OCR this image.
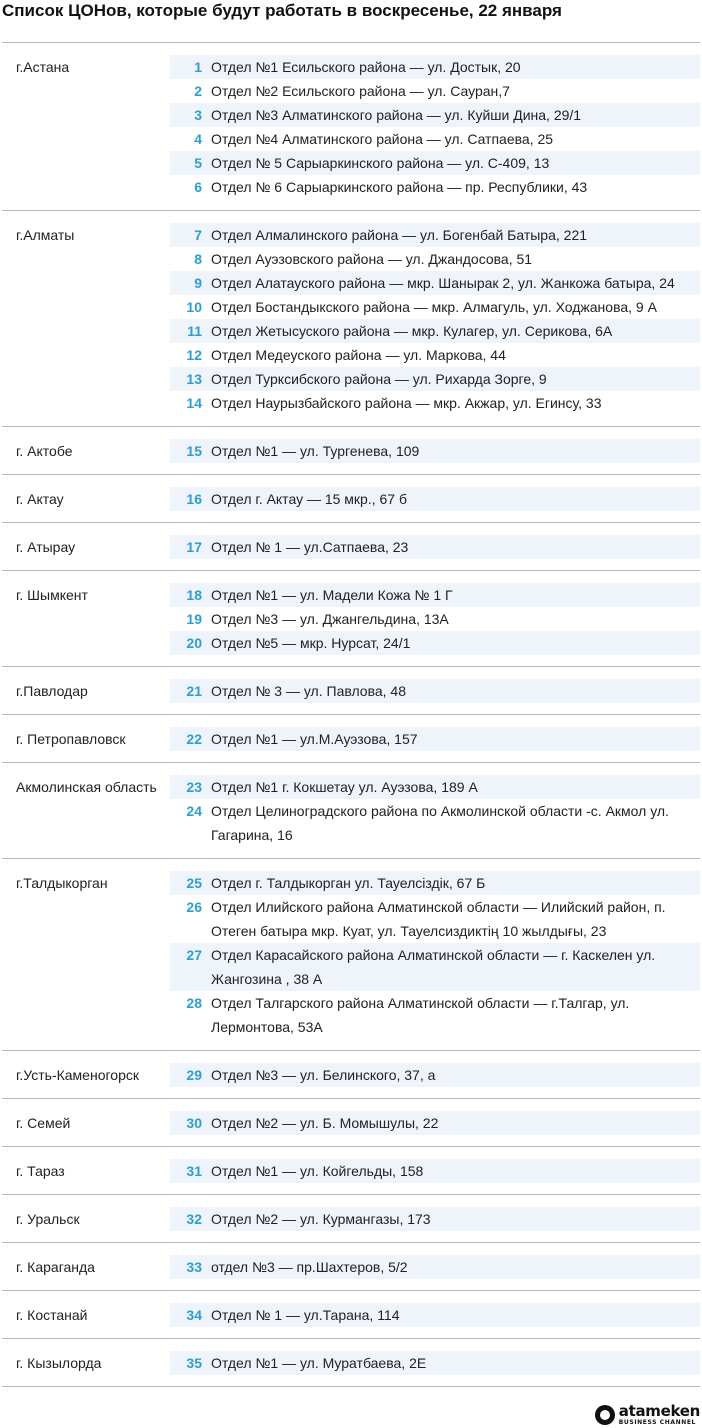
Список ЦОНов, которые будут работать в воскресенье, 22 января
г.Астана	1 Отдел №1 Есильского района — ул. Достык, 20
2 Отдел №2 Есильского района — ул. Сауран,7
3 Отдел №3 Алматинского района — ул. Куйши Дина, 29/1
4 Отдел №4 Алматинского района — ул. Сатпаева, 25
5 Отдел № 5 Сарыаркинского района — ул. С-409, 13
6 Отдел № 6 Сарыаркинского района — пр. Республики, 43
г.Алматы	7 Отдел Алмалинского района — ул. Богенбай Батыра, 221
8 Отдел Ауэзовского района — ул. Джандосова, 51
9 Отдел Алатауского района — мкр. Шанырак 2, ул. Жанкожа батыра, 24
10 Отдел Бостандыкского района — мкр. Алмагуль, ул. Ходжанова, 9 А
11 Отдел Жетысуского района — мкр. Кулагер, ул. Серикова, 6А
12 Отдел Медеуского района — ул. Маркова, 44
13 Отдел Турксибского района — ул. Рихарда Зорге, 9
14 Отдел Наурызбайского района — мкр. Акжар, ул. Егинсу, 33
г. Актобе	15 Отдел №1 — ул. Тургенева, 109
г. Актау	16 Отдел г. Актау — 15 мкр., 67 б
г. Атырау	17 Отдел № 1 — ул.Сатпаева, 23
г. Шымкент	18 Отдел №1 — ул. Мадели Кожа № 1 Г
19 Отдел №3 — ул. Джангельдина, 13А
20 Отдел №5 — мкр. Нурсат, 24/1
г.Павлодар	21 Отдел № 3 — ул. Павлова, 48
г. Петропавловск	22 Отдел №1 — ул.М.Ауэзова, 157
Акмолинская область	23 Отдел №1 г. Кокшетау ул. Ауэзова, 189 А
24 Отдел Целиноградского района по Акмолинской области -с. Акмол ул. Гагарина, 16
г.Талдыкорган	25 Отдел г. Талдыкорган ул. Тауелсіздік, 67 Б
26 Отдел Илийского района Алматинской области — Илийский район, п. Отеген батыра мкр. Куат, ул. Тауелсиздиктің 10 жылдығы, 23
27 Отдел Карасайского района Алматинской области — г. Каскелен ул. Жангозина , 38 А
28 Отдел Талгарского района Алматинской области — г.Талгар, ул. Лермонтова, 53А
г.Усть-Каменогорск	29 Отдел №3 — ул. Белинского, 37, а
г. Семей	30 Отдел №2 — ул. Б. Момышулы, 22
г. Тараз	31 Отдел №1 — ул. Койгельды, 158
г. Уральск	32 Отдел №2 — ул. Курмангазы, 173
г. Караганда	33 отдел №3 — пр.Шахтеров, 5/2
г. Костанай	34 Отдел № 1 — ул.Тарана, 114
г. Кызылорда	35 Отдел №1 — ул. Муратбаева, 2Е
atameken
BUSINESS CHANNEL
